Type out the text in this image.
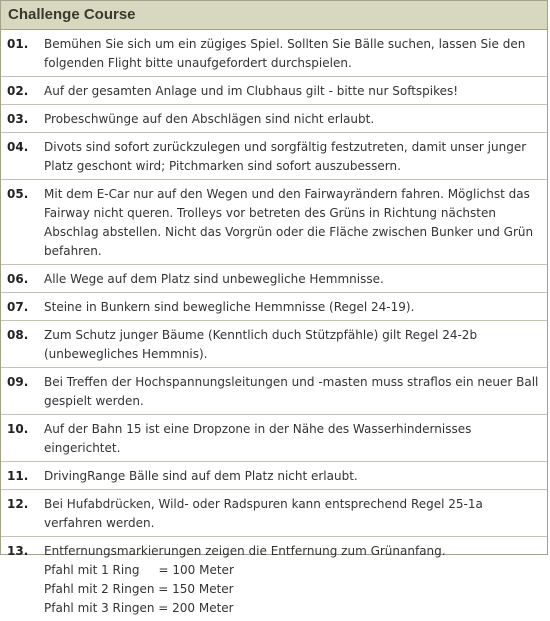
Challenge Course
01.	Bemühen Sie sich um ein zügiges Spiel. Sollten Sie Bälle suchen, lassen Sie den folgenden Flight bitte unaufgefordert durchspielen.
02.	Auf der gesamten Anlage und im Clubhaus gilt - bitte nur Softspikes!
03.	Probeschwünge auf den Abschlägen sind nicht erlaubt.
04.	Divots sind sofort zurückzulegen und sorgfältig festzutreten, damit unser junger Platz geschont wird; Pitchmarken sind sofort auszubessern.
05.	Mit dem E-Car nur auf den Wegen und den Fairwayrändern fahren. Möglichst das Fairway nicht queren. Trolleys vor betreten des Grüns in Richtung nächsten Abschlag abstellen. Nicht das Vorgrün oder die Fläche zwischen Bunker und Grün befahren.
06.	Alle Wege auf dem Platz sind unbewegliche Hemmnisse.
07.	Steine in Bunkern sind bewegliche Hemmnisse (Regel 24-19).
08.	Zum Schutz junger Bäume (Kenntlich duch Stützpfähle) gilt Regel 24-2b (unbewegliches Hemmnis).
09.	Bei Treffen der Hochspannungsleitungen und -masten muss straflos ein neuer Ball gespielt werden.
10.	Auf der Bahn 15 ist eine Dropzone in der Nähe des Wasserhindernisses eingerichtet.
11.	DrivingRange Bälle sind auf dem Platz nicht erlaubt.
12.	Bei Hufabdrücken, Wild- oder Radspuren kann entsprechend Regel 25-1a verfahren werden.
13.	Entfernungsmarkierungen zeigen die Entfernung zum Grünanfang.
Pfahl mit 1 Ring     = 100 Meter
Pfahl mit 2 Ringen = 150 Meter
Pfahl mit 3 Ringen = 200 Meter
